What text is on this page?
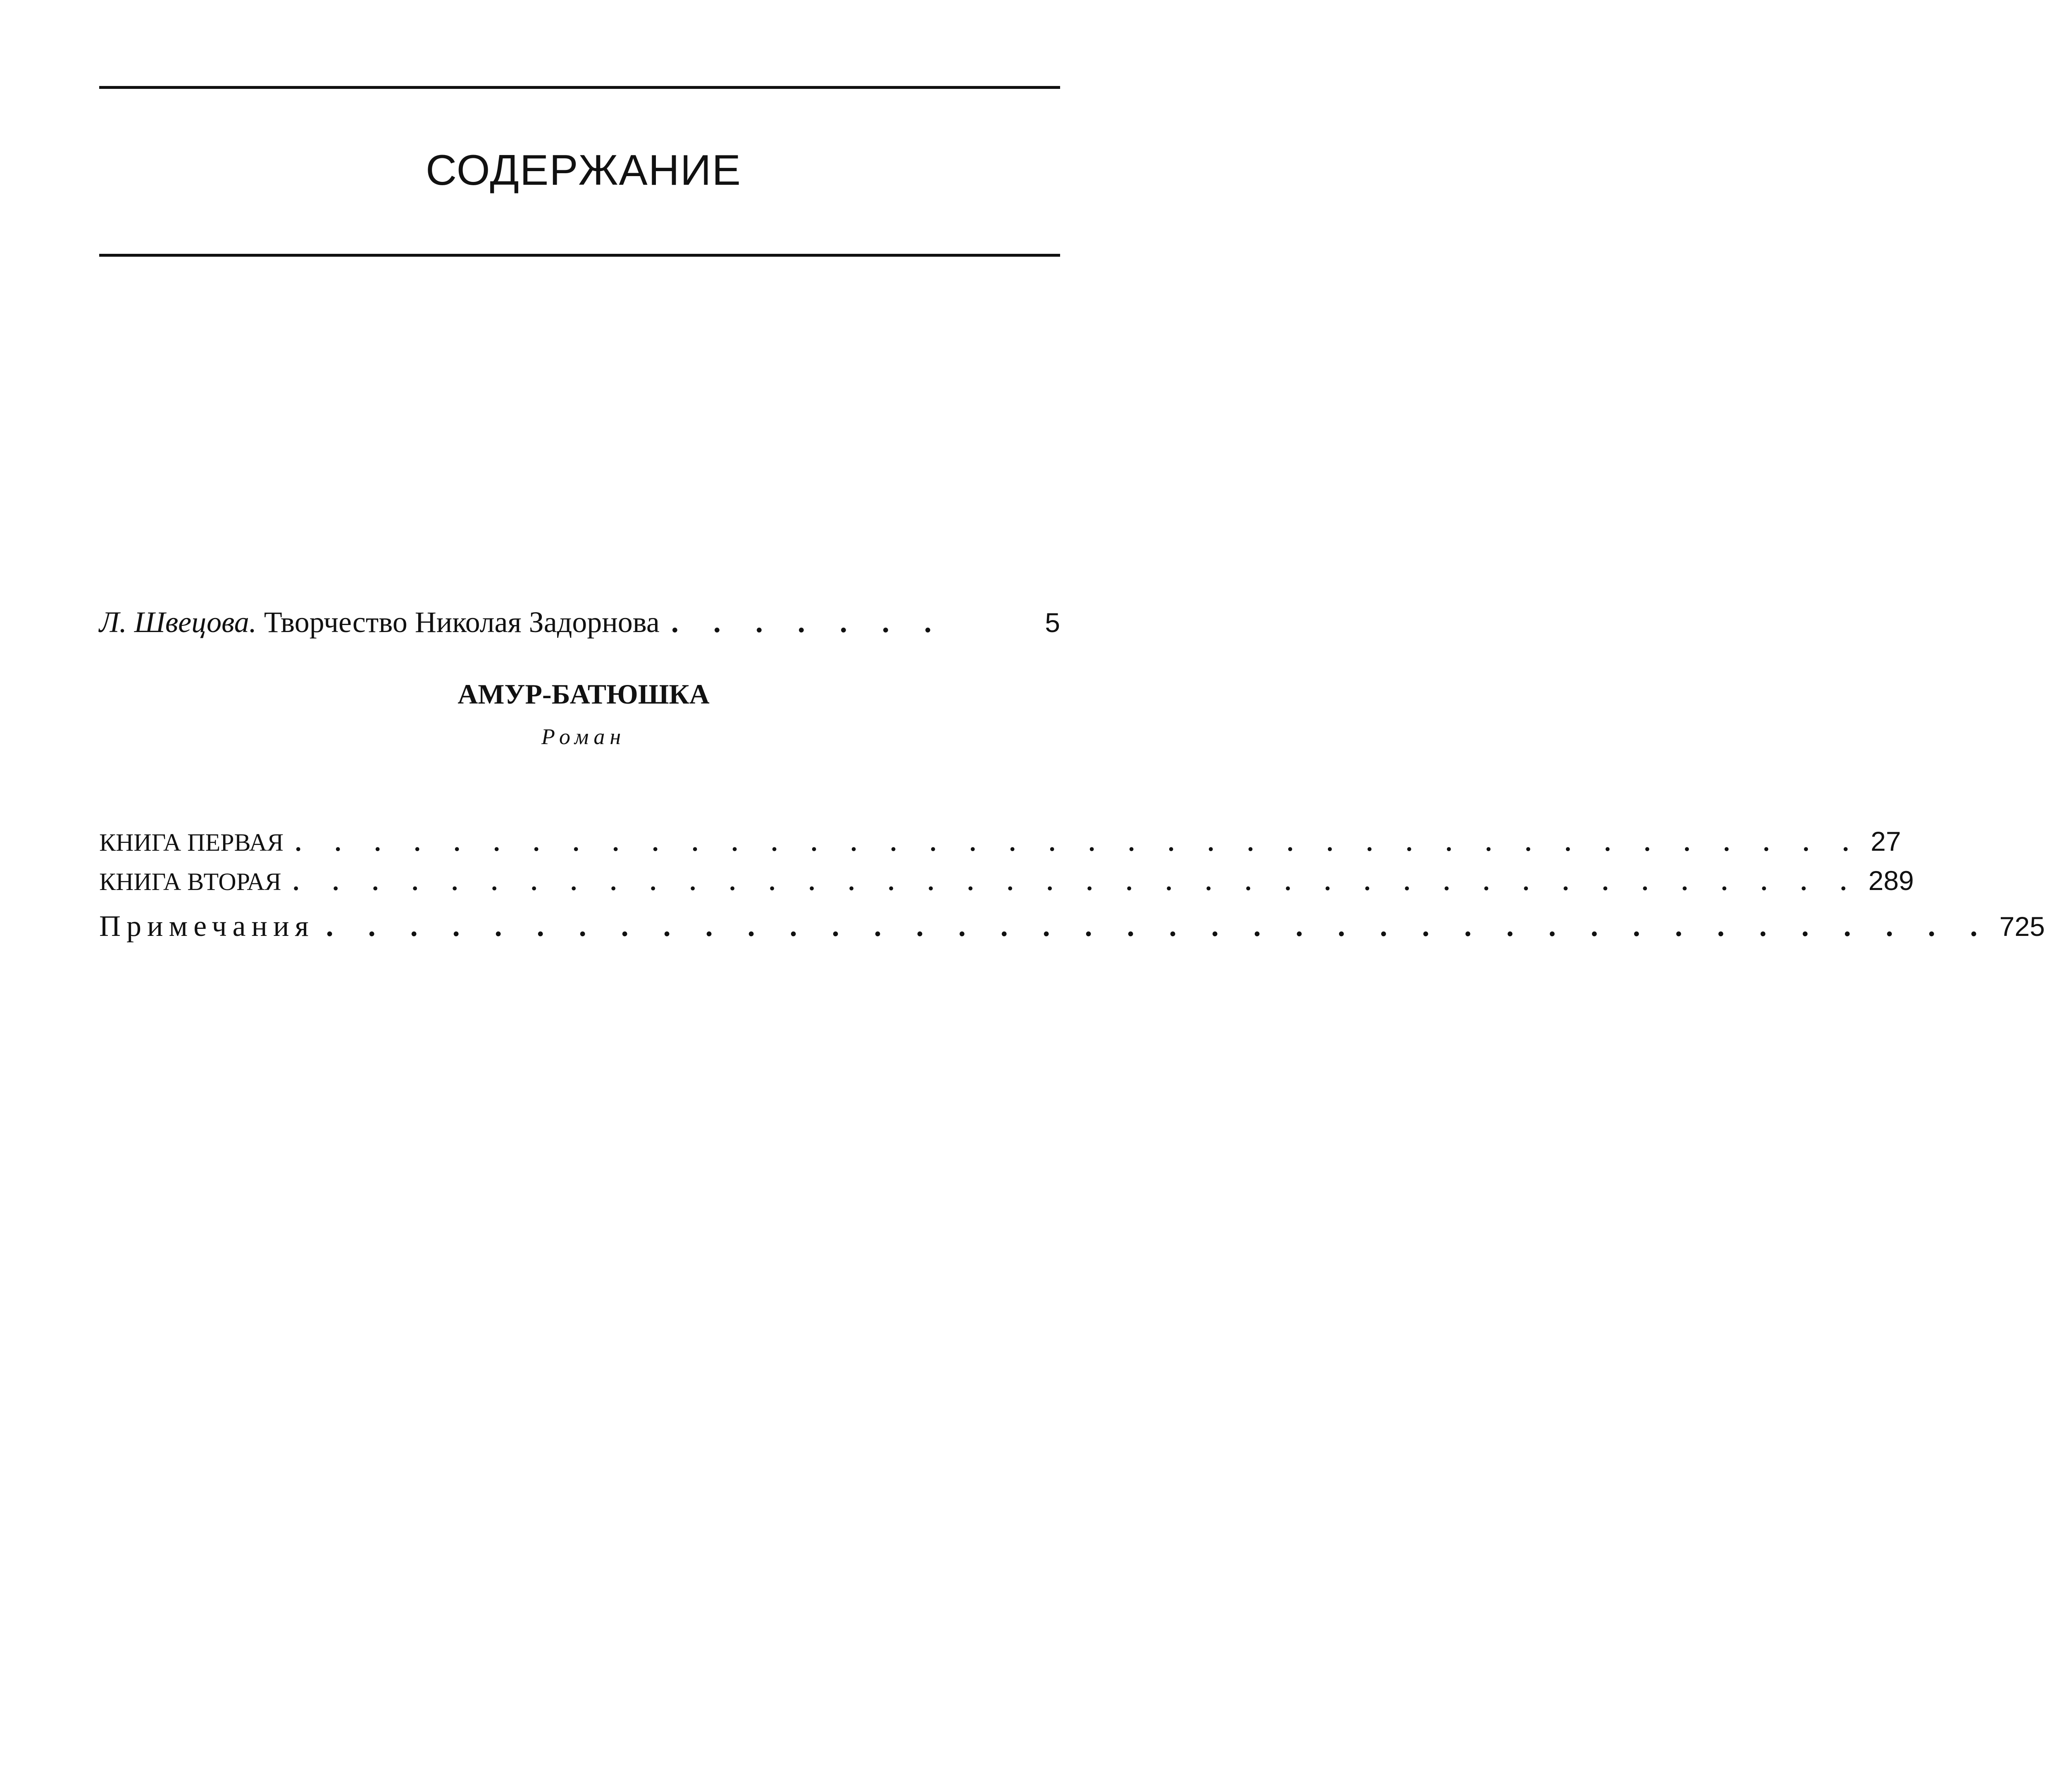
СОДЕРЖАНИЕ
Л. Швецова. Творчество Николая Задорнова . . . . . . .	5
АМУР-БАТЮШКА
Роман
КНИГА ПЕРВАЯ . . . . . . . . . . . . . . . . . . . . . . . . . . . . . . . . . . . . . . . . 27
КНИГА ВТОРАЯ . . . . . . . . . . . . . . . . . . . . . . . . . . . . . . . . . . . . . . . . 289
Примечания . . . . . . . . . . . . . . . . . . . . . . . . . . . . . . . . . . . . . . . . 725
